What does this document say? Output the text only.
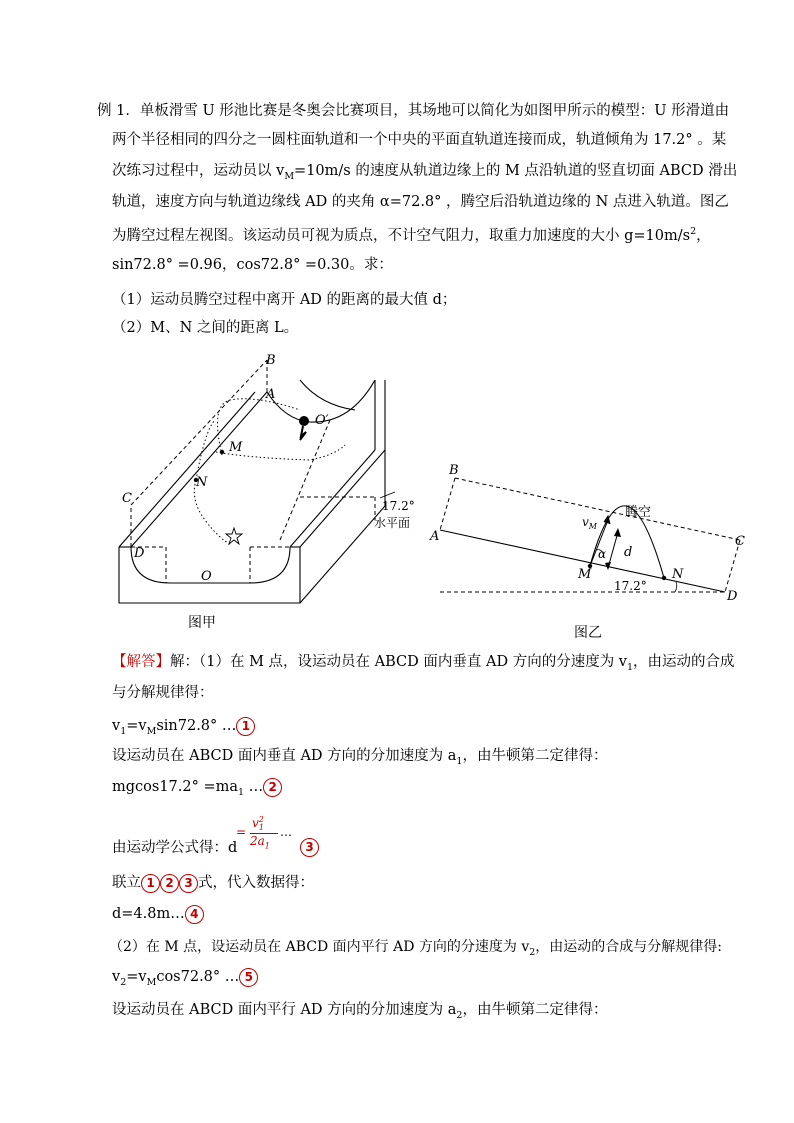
例 1．单板滑雪 U 形池比赛是冬奥会比赛项目，其场地可以简化为如图甲所示的模型：U 形滑道由
两个半径相同的四分之一圆柱面轨道和一个中央的平面直轨道连接而成，轨道倾角为 17.2° 。某
次练习过程中，运动员以 $v_M=10m/s$ 的速度从轨道边缘上的 M 点沿轨道的竖直切面 ABCD 滑出
轨道，速度方向与轨道边缘线 AD 的夹角 α=72.8° ，腾空后沿轨道边缘的 N 点进入轨道。图乙
为腾空过程左视图。该运动员可视为质点，不计空气阻力，取重力加速度的大小 $g=10m/s^2$，
sin72.8° =0.96，cos72.8° =0.30。求：
（1）运动员腾空过程中离开 AD 的距离的最大值 d；
（2）M、N 之间的距离 L。
B
A
O′
M
N
C
D
O
17.2°
水平面
图甲
B
A	C
D
M	N
$v_M$
α d
腾空
17.2°
图乙
【解答】解：（1）在 M 点，设运动员在 ABCD 面内垂直 AD 方向的分速度为 $v_1$，由运动的合成
与分解规律得：
$v_1=v_M\sin 72.8^\circ$ … 1
设运动员在 ABCD 面内垂直 AD 方向的分加速度为 $a_1$，由牛顿第二定律得：
$mgcos17.2^\circ =ma_1$ … 2
由运动学公式得：d
=
$v^2_1$
$2a_1$
…
3
联立 1 2 3 式，代入数据得：
d=4.8m… 4
（2）在 M 点，设运动员在 ABCD 面内平行 AD 方向的分速度为 $v_2$，由运动的合成与分解规律得:
$v_2=v_M\cos 72.8^\circ$ … 5
设运动员在 ABCD 面内平行 AD 方向的分加速度为 $a_2$，由牛顿第二定律得：
